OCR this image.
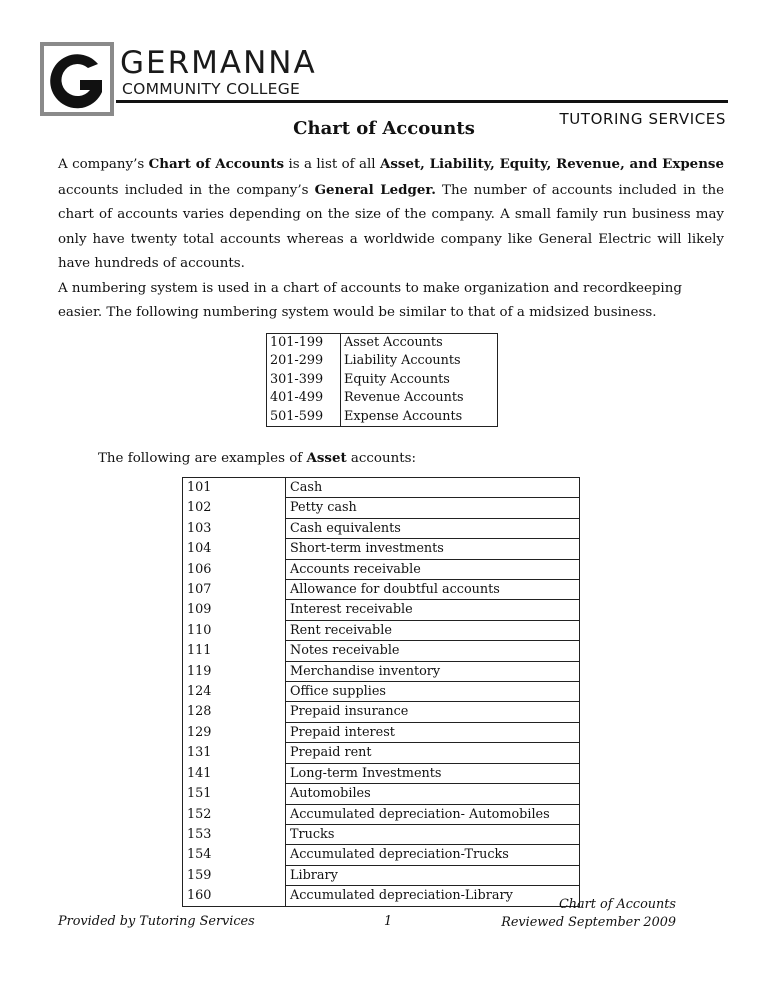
GERMANNA
COMMUNITY COLLEGE
TUTORING SERVICES
Chart of Accounts

A company’s Chart of Accounts is a list of all Asset, Liability, Equity, Revenue, and Expense accounts included in the company’s General Ledger. The number of accounts included in the chart of accounts varies depending on the size of the company. A small family run business may only have twenty total accounts whereas a worldwide company like General Electric will likely have hundreds of accounts.

A numbering system is used in a chart of accounts to make organization and recordkeeping easier. The following numbering system would be similar to that of a midsized business.

101-199	Asset Accounts
201-299	Liability Accounts
301-399	Equity Accounts
401-499	Revenue Accounts
501-599	Expense Accounts
The following are examples of Asset accounts:
101	Cash
102	Petty cash
103	Cash equivalents
104	Short-term investments
106	Accounts receivable
107	Allowance for doubtful accounts
109	Interest receivable
110	Rent receivable
111	Notes receivable
119	Merchandise inventory
124	Office supplies
128	Prepaid insurance
129	Prepaid interest
131	Prepaid rent
141	Long-term Investments
151	Automobiles
152	Accumulated depreciation- Automobiles
153	Trucks
154	Accumulated depreciation-Trucks
159	Library
160	Accumulated depreciation-Library
Provided by Tutoring Services	1
Chart of Accounts
Reviewed September 2009
